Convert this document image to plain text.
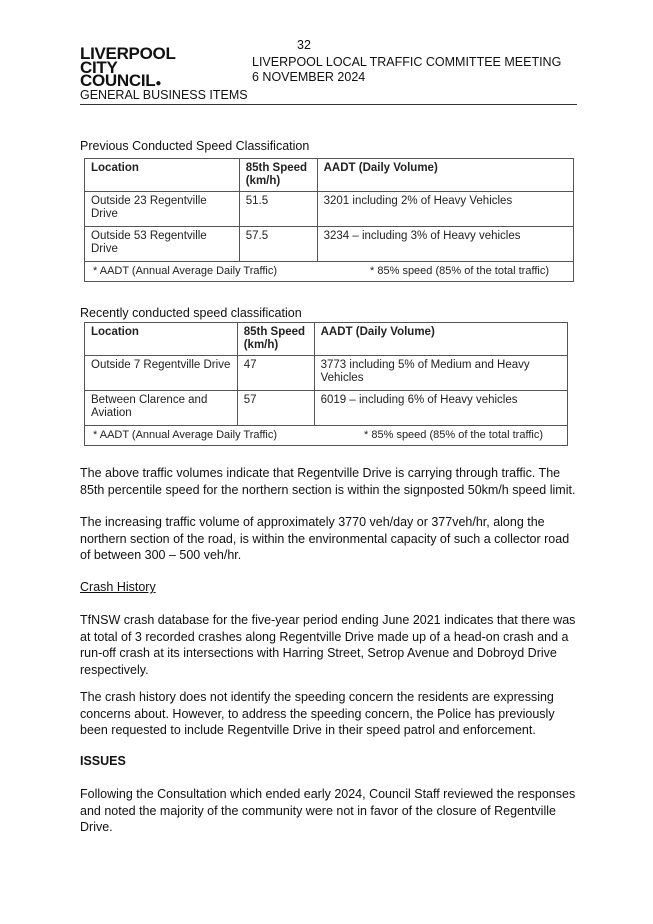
32
LIVERPOOL
CITY
COUNCIL●
LIVERPOOL LOCAL TRAFFIC COMMITTEE MEETING
6 NOVEMBER 2024
GENERAL BUSINESS ITEMS
Previous Conducted Speed Classification
Location	85th Speed (km/h)	AADT (Daily Volume)
Outside 23 Regentville Drive	51.5	3201 including 2% of Heavy Vehicles
Outside 53 Regentville Drive	57.5	3234 – including 3% of Heavy vehicles

* AADT (Annual Average Daily Traffic) * 85% speed (85% of the total traffic)		
Recently conducted speed classification
Location	85th Speed (km/h)	AADT (Daily Volume)
Outside 7 Regentville Drive	47	3773 including 5% of Medium and Heavy Vehicles
Between Clarence and Aviation	57	6019 – including 6% of Heavy vehicles

* AADT (Annual Average Daily Traffic) * 85% speed (85% of the total traffic)		
The above traffic volumes indicate that Regentville Drive is carrying through traffic. The 85th percentile speed for the northern section is within the signposted 50km/h speed limit.
The increasing traffic volume of approximately 3770 veh/day or 377veh/hr, along the northern section of the road, is within the environmental capacity of such a collector road of between 300 – 500 veh/hr.
Crash History
TfNSW crash database for the five-year period ending June 2021 indicates that there was at total of 3 recorded crashes along Regentville Drive made up of a head-on crash and a run-off crash at its intersections with Harring Street, Setrop Avenue and Dobroyd Drive respectively.
The crash history does not identify the speeding concern the residents are expressing concerns about. However, to address the speeding concern, the Police has previously been requested to include Regentville Drive in their speed patrol and enforcement.
ISSUES
Following the Consultation which ended early 2024, Council Staff reviewed the responses and noted the majority of the community were not in favor of the closure of Regentville Drive.
